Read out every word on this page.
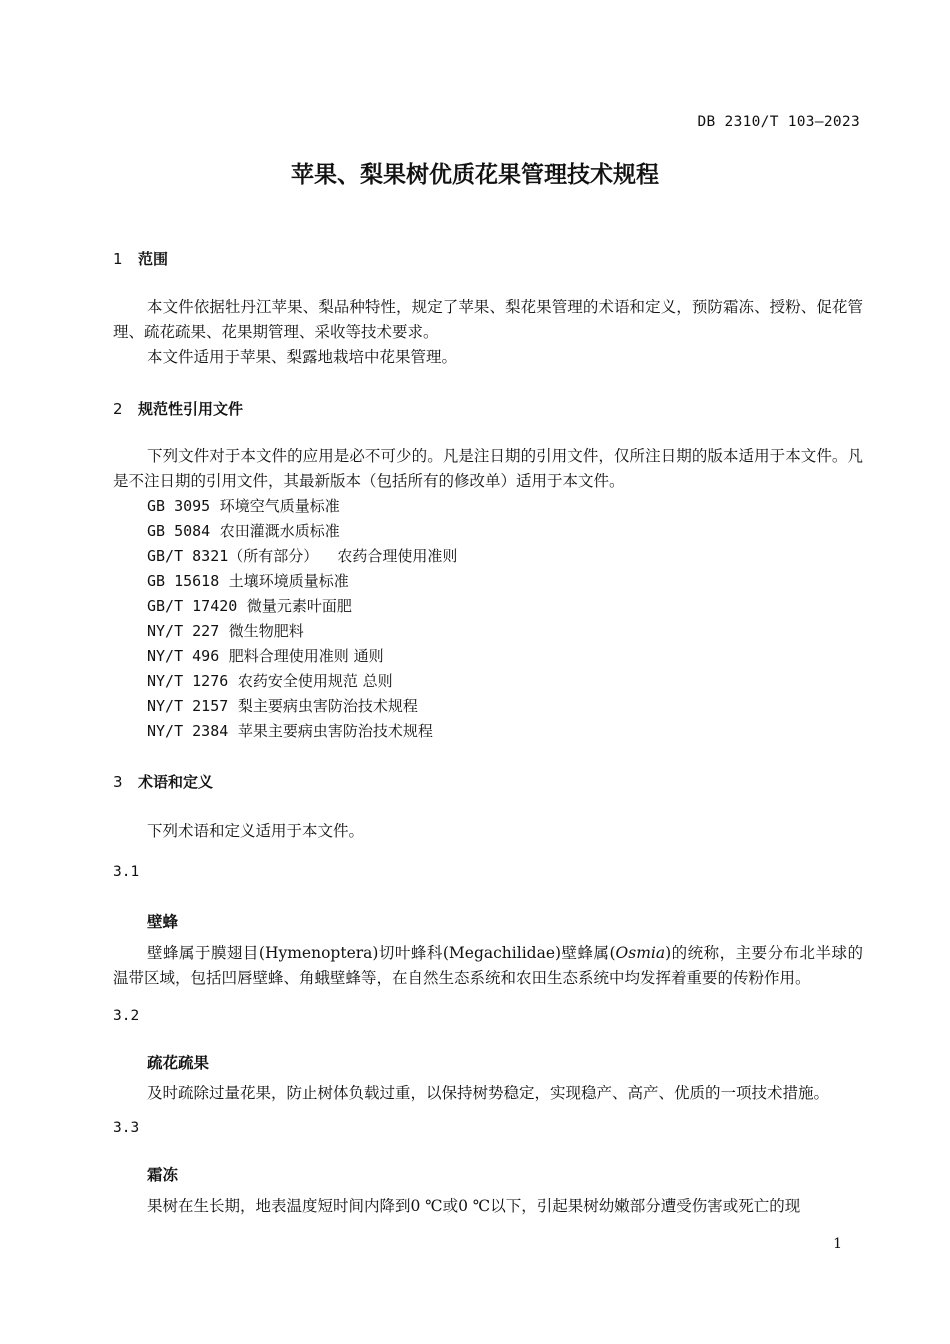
DB 2310/T 103—2023
苹果、梨果树优质花果管理技术规程
1 范围
本文件依据牡丹江苹果、梨品种特性，规定了苹果、梨花果管理的术语和定义，预防霜冻、授粉、促花管理、疏花疏果、花果期管理、采收等技术要求。
本文件适用于苹果、梨露地栽培中花果管理。
2 规范性引用文件
下列文件对于本文件的应用是必不可少的。凡是注日期的引用文件，仅所注日期的版本适用于本文件。凡是不注日期的引用文件，其最新版本（包括所有的修改单）适用于本文件。
GB 3095 环境空气质量标准
GB 5084 农田灌溉水质标准
GB/T 8321（所有部分） 农药合理使用准则
GB 15618 土壤环境质量标准
GB/T 17420 微量元素叶面肥
NY/T 227 微生物肥料
NY/T 496 肥料合理使用准则 通则
NY/T 1276 农药安全使用规范 总则
NY/T 2157 梨主要病虫害防治技术规程
NY/T 2384 苹果主要病虫害防治技术规程
3 术语和定义
下列术语和定义适用于本文件。
3.1
壁蜂
壁蜂属于膜翅目(Hymenoptera)切叶蜂科(Megachilidae)壁蜂属(Osmia)的统称，主要分布北半球的温带区域，包括凹唇壁蜂、角蛾壁蜂等，在自然生态系统和农田生态系统中均发挥着重要的传粉作用。
3.2
疏花疏果
及时疏除过量花果，防止树体负载过重，以保持树势稳定，实现稳产、高产、优质的一项技术措施。
3.3
霜冻
果树在生长期，地表温度短时间内降到0 ℃或0 ℃以下，引起果树幼嫩部分遭受伤害或死亡的现
1
